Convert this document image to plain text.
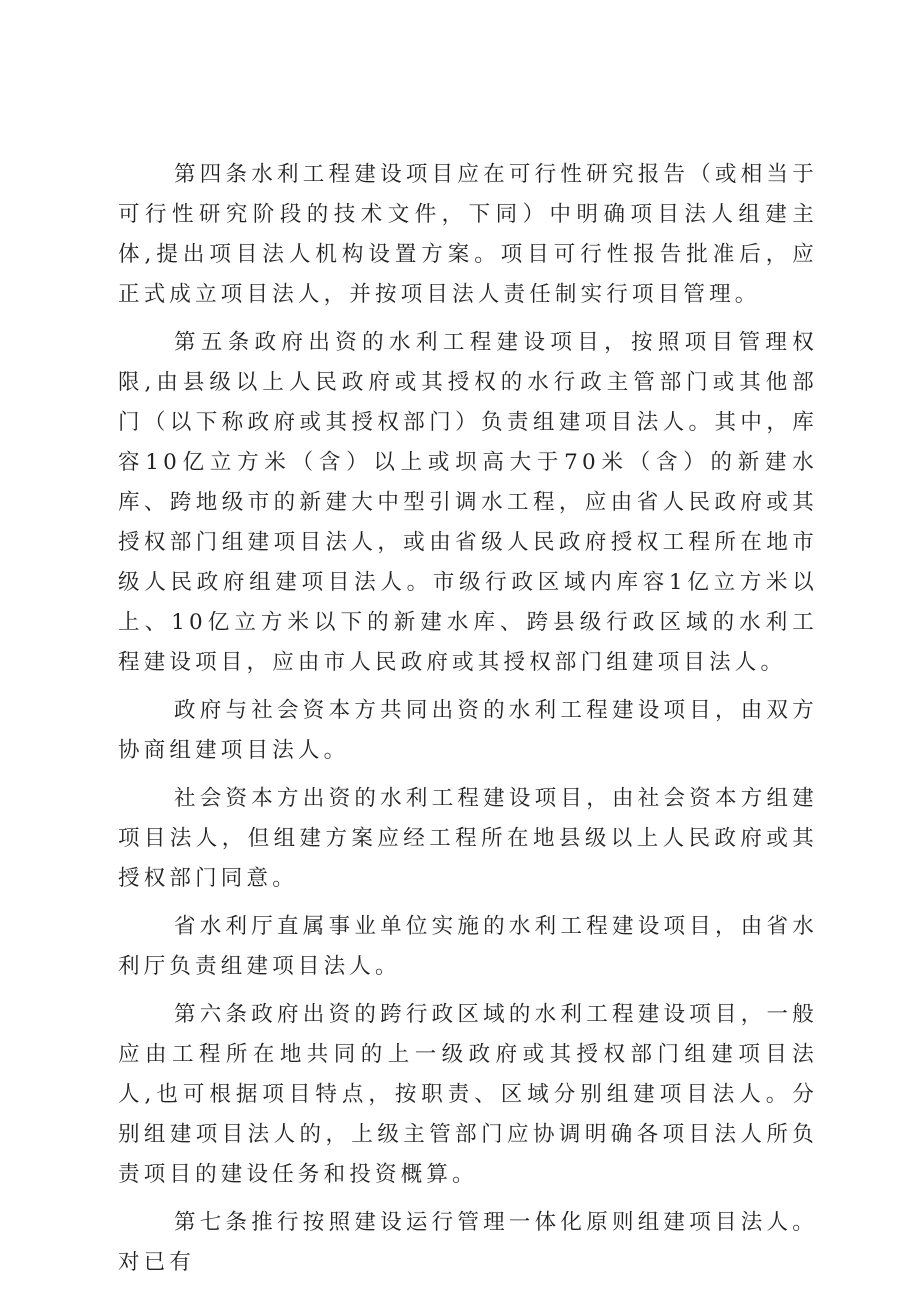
第四条水利工程建设项目应在可行性研究报告（或相当于可行性研究阶段的技术文件，下同）中明确项目法人组建主体,提出项目法人机构设置方案。项目可行性报告批准后，应正式成立项目法人，并按项目法人责任制实行项目管理。

第五条政府出资的水利工程建设项目，按照项目管理权限,由县级以上人民政府或其授权的水行政主管部门或其他部门（以下称政府或其授权部门）负责组建项目法人。其中，库容10亿立方米（含）以上或坝高大于70米（含）的新建水库、跨地级市的新建大中型引调水工程，应由省人民政府或其授权部门组建项目法人，或由省级人民政府授权工程所在地市级人民政府组建项目法人。市级行政区域内库容1亿立方米以上、10亿立方米以下的新建水库、跨县级行政区域的水利工程建设项目，应由市人民政府或其授权部门组建项目法人。

政府与社会资本方共同出资的水利工程建设项目，由双方协商组建项目法人。

社会资本方出资的水利工程建设项目，由社会资本方组建项目法人，但组建方案应经工程所在地县级以上人民政府或其授权部门同意。

省水利厅直属事业单位实施的水利工程建设项目，由省水利厅负责组建项目法人。

第六条政府出资的跨行政区域的水利工程建设项目，一般应由工程所在地共同的上一级政府或其授权部门组建项目法人,也可根据项目特点，按职责、区域分别组建项目法人。分别组建项目法人的，上级主管部门应协调明确各项目法人所负责项目的建设任务和投资概算。

第七条推行按照建设运行管理一体化原则组建项目法人。对已有
